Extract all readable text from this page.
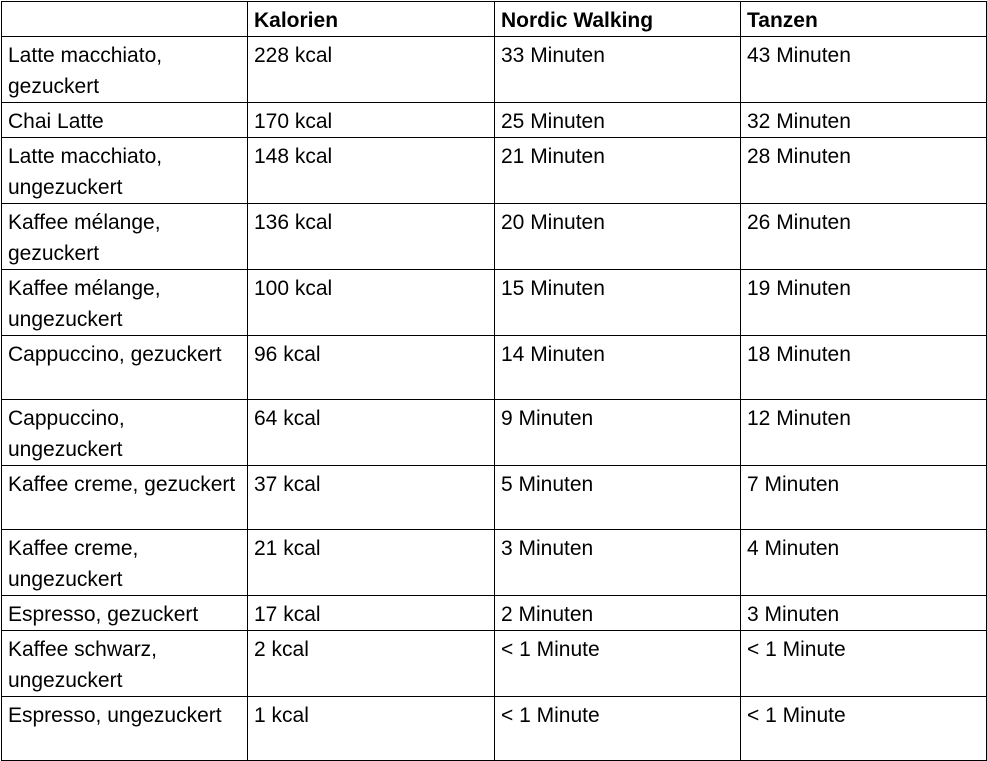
	Kalorien	Nordic Walking	Tanzen
Latte macchiato, gezuckert	228 kcal	33 Minuten	43 Minuten
Chai Latte	170 kcal	25 Minuten	32 Minuten
Latte macchiato, ungezuckert	148 kcal	21 Minuten	28 Minuten
Kaffee mélange, gezuckert	136 kcal	20 Minuten	26 Minuten
Kaffee mélange, ungezuckert	100 kcal	15 Minuten	19 Minuten
Cappuccino, gezuckert	96 kcal	14 Minuten	18 Minuten
Cappuccino, ungezuckert	64 kcal	9 Minuten	12 Minuten
Kaffee creme, gezuckert	37 kcal	5 Minuten	7 Minuten
Kaffee creme, ungezuckert	21 kcal	3 Minuten	4 Minuten
Espresso, gezuckert	17 kcal	2 Minuten	3 Minuten
Kaffee schwarz, ungezuckert	2 kcal	< 1 Minute	< 1 Minute
Espresso, ungezuckert	1 kcal	< 1 Minute	< 1 Minute
